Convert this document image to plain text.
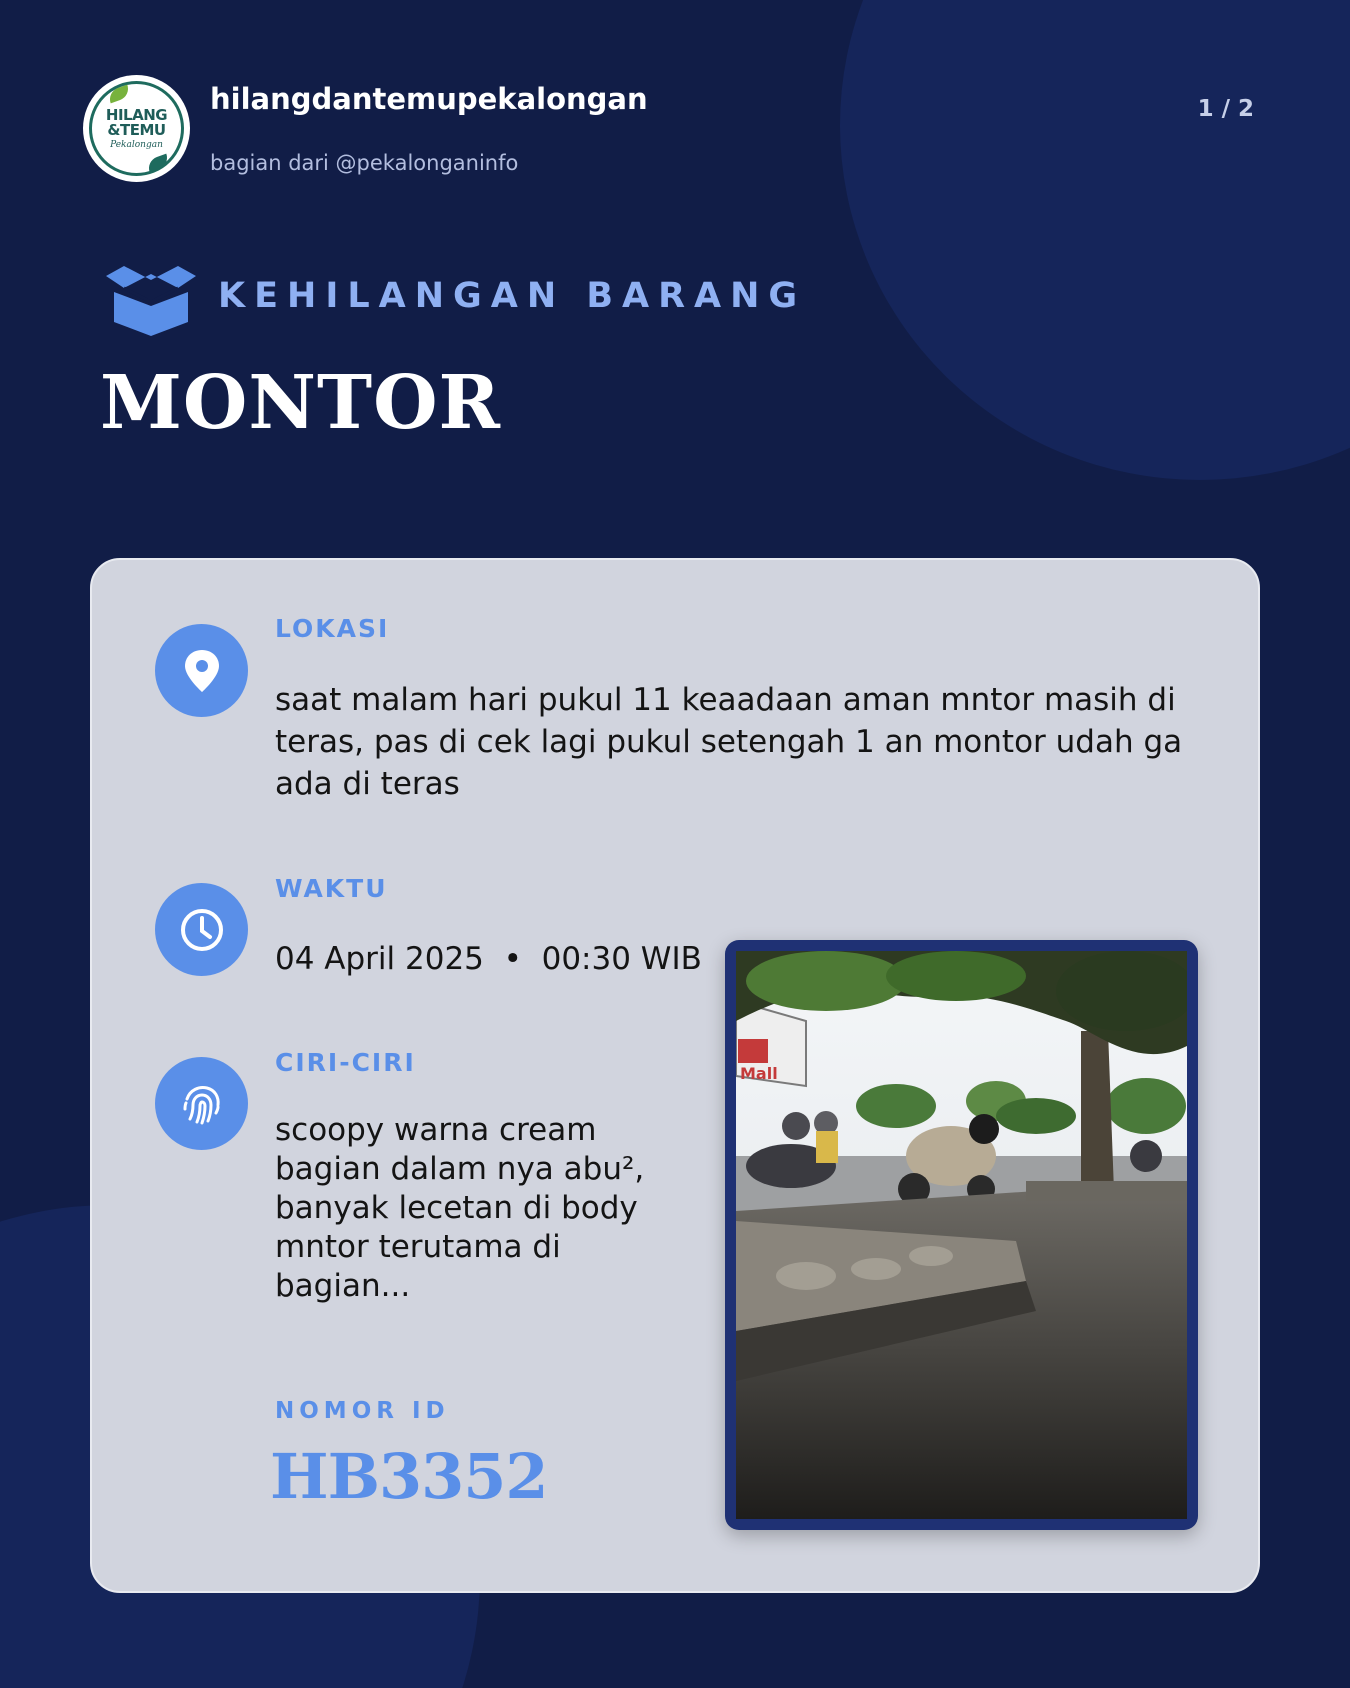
HILANG
&TEMU
Pekalongan
hilangdantemupekalongan
bagian dari @pekalonganinfo
1 / 2
KEHILANGAN BARANG
MONTOR
LOKASI
saat malam hari pukul 11 keaadaan aman mntor masih di
teras, pas di cek lagi pukul setengah 1 an montor udah ga
ada di teras
WAKTU
04 April 2025  •  00:30 WIB
CIRI-CIRI
scoopy warna cream
bagian dalam nya abu²,
banyak lecetan di body
mntor terutama di
bagian...
NOMOR ID
HB3352
Mall
